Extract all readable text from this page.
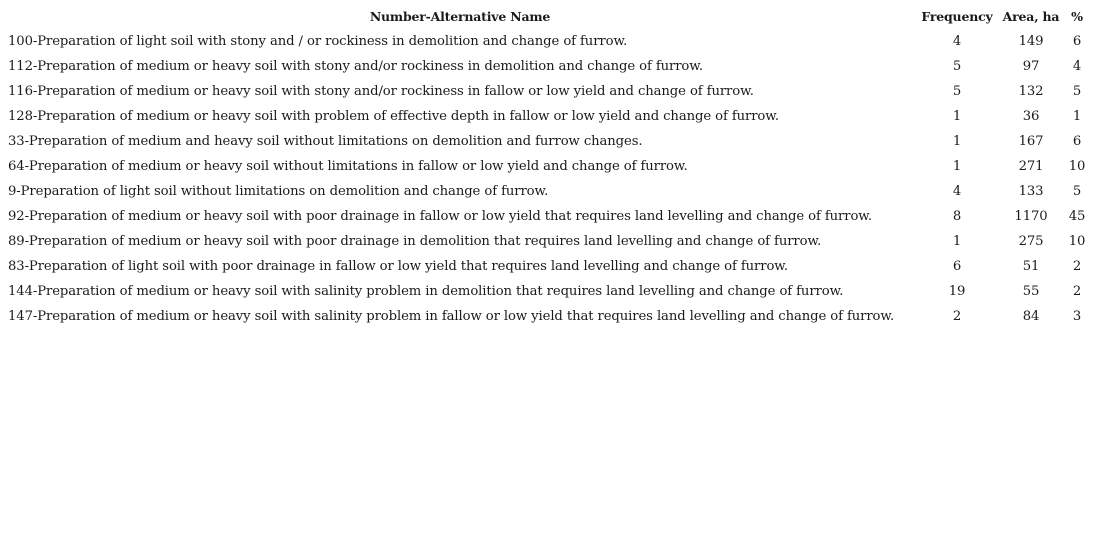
Number-Alternative Name	Frequency	Area, ha	%
100-Preparation of light soil with stony and / or rockiness in demolition and change of furrow.	4	149	6
112-Preparation of medium or heavy soil with stony and/or rockiness in demolition and change of furrow.	5	97	4
116-Preparation of medium or heavy soil with stony and/or rockiness in fallow or low yield and change of furrow.	5	132	5
128-Preparation of medium or heavy soil with problem of effective depth in fallow or low yield and change of furrow.	1	36	1
33-Preparation of medium and heavy soil without limitations on demolition and furrow changes.	1	167	6
64-Preparation of medium or heavy soil without limitations in fallow or low yield and change of furrow.	1	271	10
9-Preparation of light soil without limitations on demolition and change of furrow.	4	133	5
92-Preparation of medium or heavy soil with poor drainage in fallow or low yield that requires land levelling and change of furrow.	8	1170	45
89-Preparation of medium or heavy soil with poor drainage in demolition that requires land levelling and change of furrow.	1	275	10
83-Preparation of light soil with poor drainage in fallow or low yield that requires land levelling and change of furrow.	6	51	2
144-Preparation of medium or heavy soil with salinity problem in demolition that requires land levelling and change of furrow.	19	55	2
147-Preparation of medium or heavy soil with salinity problem in fallow or low yield that requires land levelling and change of furrow.	2	84	3
